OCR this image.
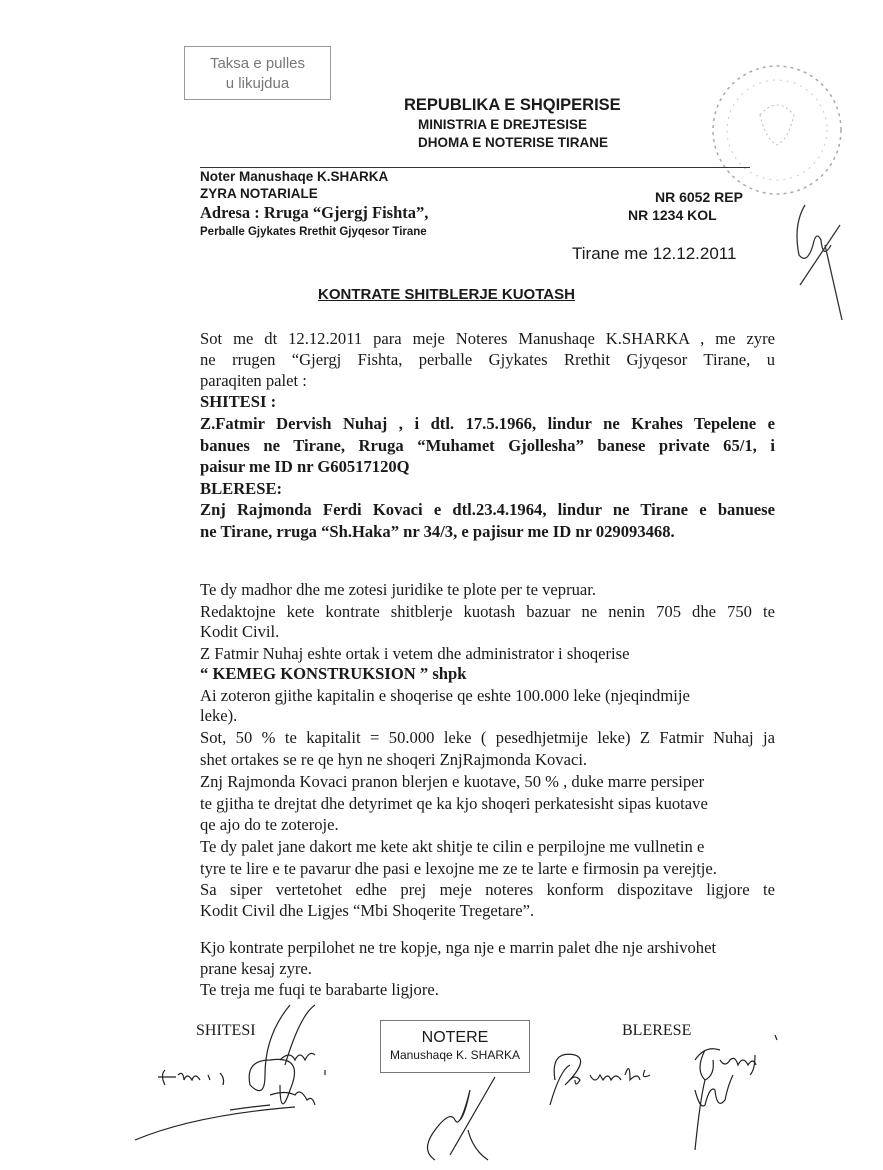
Taksa e pulles
u likujdua
REPUBLIKA E SHQIPERISE
MINISTRIA E DREJTESISE
DHOMA E NOTERISE TIRANE
Noter Manushaqe K.SHARKA
ZYRA NOTARIALE
Adresa : Rruga “Gjergj Fishta”,
Perballe Gjykates Rrethit Gjyqesor Tirane
NR 6052 REP
NR 1234 KOL
Tirane me 12.12.2011
KONTRATE SHITBLERJE KUOTASH
Sot me dt 12.12.2011 para meje Noteres Manushaqe K.SHARKA , me zyre
ne rrugen “Gjergj Fishta, perballe Gjykates Rrethit Gjyqesor Tirane, u
paraqiten palet :
SHITESI :
Z.Fatmir Dervish Nuhaj , i dtl. 17.5.1966, lindur ne Krahes Tepelene e
banues ne Tirane, Rruga “Muhamet Gjollesha” banese private 65/1, i
paisur me ID nr G60517120Q
BLERESE:
Znj Rajmonda Ferdi Kovaci e dtl.23.4.1964, lindur ne Tirane e banuese
ne Tirane, rruga “Sh.Haka” nr 34/3, e pajisur me ID nr 029093468.
Te dy madhor dhe me zotesi juridike te plote per te vepruar.
Redaktojne kete kontrate shitblerje kuotash bazuar ne nenin 705 dhe 750 te
Kodit Civil.
Z Fatmir Nuhaj eshte ortak i vetem dhe administrator i shoqerise
“ KEMEG KONSTRUKSION ” shpk
Ai zoteron gjithe kapitalin e shoqerise qe eshte 100.000 leke (njeqindmije
leke).
Sot, 50 % te kapitalit = 50.000 leke ( pesedhjetmije leke) Z Fatmir Nuhaj ja
shet ortakes se re qe hyn ne shoqeri ZnjRajmonda Kovaci.
Znj Rajmonda Kovaci pranon blerjen e kuotave, 50 % , duke marre persiper
te gjitha te drejtat dhe detyrimet qe ka kjo shoqeri perkatesisht sipas kuotave
qe ajo do te zoteroje.
Te dy palet jane dakort me kete akt shitje te cilin e perpilojne me vullnetin e
tyre te lire e te pavarur dhe pasi e lexojne me ze te larte e firmosin pa verejtje.
Sa siper vertetohet edhe prej meje noteres konform dispozitave ligjore te
Kodit Civil dhe Ligjes “Mbi Shoqerite Tregetare”.
Kjo kontrate perpilohet ne tre kopje, nga nje e marrin palet dhe nje arshivohet
prane kesaj zyre.
Te treja me fuqi te barabarte ligjore.
SHITESI	BLERESE
NOTERE
Manushaqe K. SHARKA
